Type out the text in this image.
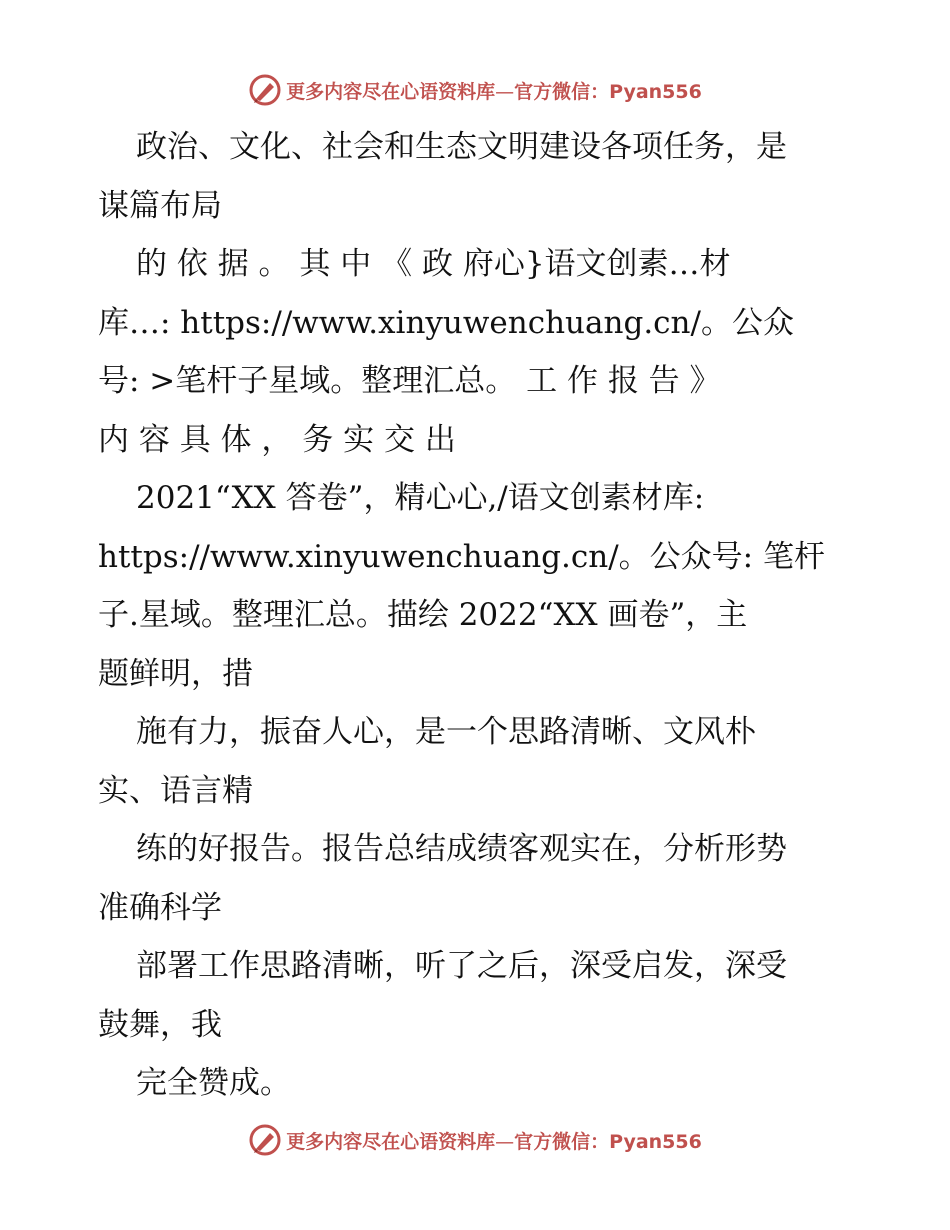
更多内容尽在心语资料库—官方微信：Pyan556
政治、文化、社会和生态文明建设各项任务，是
谋篇布局
的 依 据 。 其 中 《 政 府心}语文创素…材
库…: https://www.xinyuwenchuang.cn/。公众
号: >笔杆子星域。整理汇总。 工 作 报 告 》
内 容 具 体 ， 务 实 交 出
2021“XX 答卷”，精心心,/语文创素材库:
https://www.xinyuwenchuang.cn/。公众号: 笔杆
子.星域。整理汇总。描绘 2022“XX 画卷”，主
题鲜明，措
施有力，振奋人心，是一个思路清晰、文风朴
实、语言精
练的好报告。报告总结成绩客观实在，分析形势
准确科学
部署工作思路清晰，听了之后，深受启发，深受
鼓舞，我
完全赞成。
更多内容尽在心语资料库—官方微信：Pyan556
